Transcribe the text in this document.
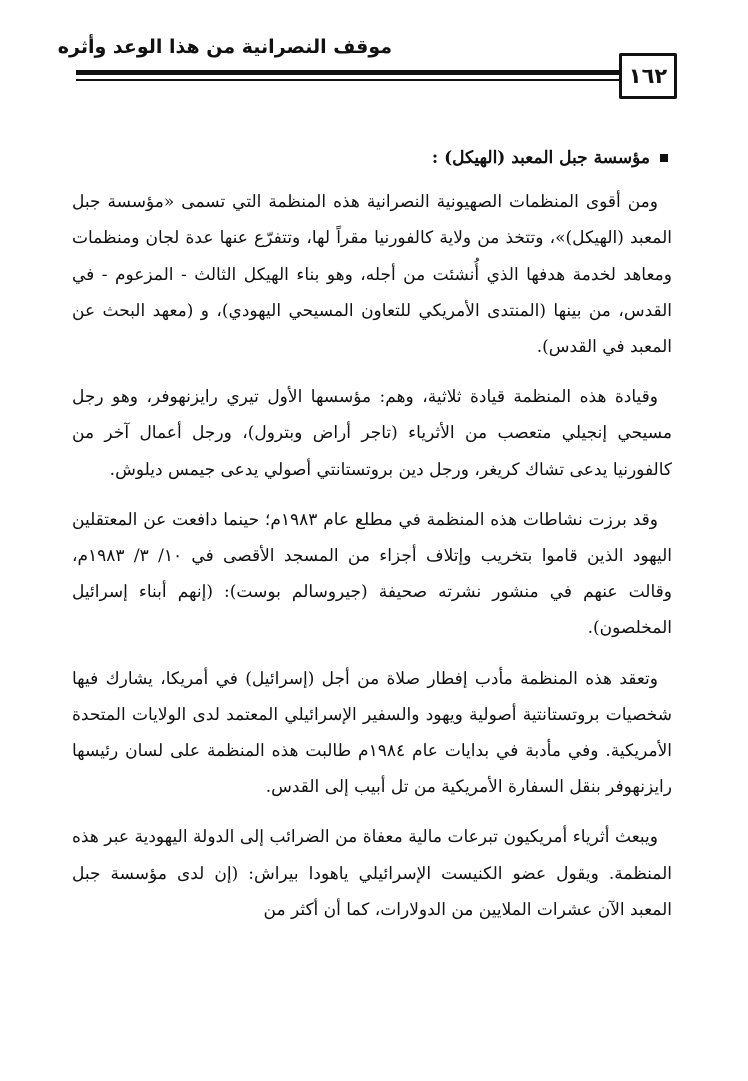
موقف النصرانية من هذا الوعد وأثره
١٦٢
مؤسسة جبل المعبد (الهيكل) :

ومن أقوى المنظمات الصهيونية النصرانية هذه المنظمة التي تسمى «مؤسسة جبل المعبد (الهيكل)»، وتتخذ من ولاية كالفورنيا مقراً لها، وتتفرّع عنها عدة لجان ومنظمات ومعاهد لخدمة هدفها الذي أُنشئت من أجله، وهو بناء الهيكل الثالث - المزعوم - في القدس، من بينها (المنتدى الأمريكي للتعاون المسيحي اليهودي)، و (معهد البحث عن المعبد في القدس).

وقيادة هذه المنظمة قيادة ثلاثية، وهم: مؤسسها الأول تيري رايزنهوفر، وهو رجل مسيحي إنجيلي متعصب من الأثرياء (تاجر أراض وبترول)، ورجل أعمال آخر من كالفورنيا يدعى تشاك كريغر، ورجل دين بروتستانتي أصولي يدعى جيمس ديلوش.

وقد برزت نشاطات هذه المنظمة في مطلع عام ١٩٨٣م؛ حينما دافعت عن المعتقلين اليهود الذين قاموا بتخريب وإتلاف أجزاء من المسجد الأقصى في ١٠/ ٣/ ١٩٨٣م، وقالت عنهم في منشور نشرته صحيفة (جيروسالم بوست): (إنهم أبناء إسرائيل المخلصون).

وتعقد هذه المنظمة مأدب إفطار صلاة من أجل (إسرائيل) في أمريكا، يشارك فيها شخصيات بروتستانتية أصولية ويهود والسفير الإسرائيلي المعتمد لدى الولايات المتحدة الأمريكية. وفي مأدبة في بدايات عام ١٩٨٤م طالبت هذه المنظمة على لسان رئيسها رايزنهوفر بنقل السفارة الأمريكية من تل أبيب إلى القدس.

ويبعث أثرياء أمريكيون تبرعات مالية معفاة من الضرائب إلى الدولة اليهودية عبر هذه المنظمة. ويقول عضو الكنيست الإسرائيلي ياهودا بيراش: (إن لدى مؤسسة جبل المعبد الآن عشرات الملايين من الدولارات، كما أن أكثر من
